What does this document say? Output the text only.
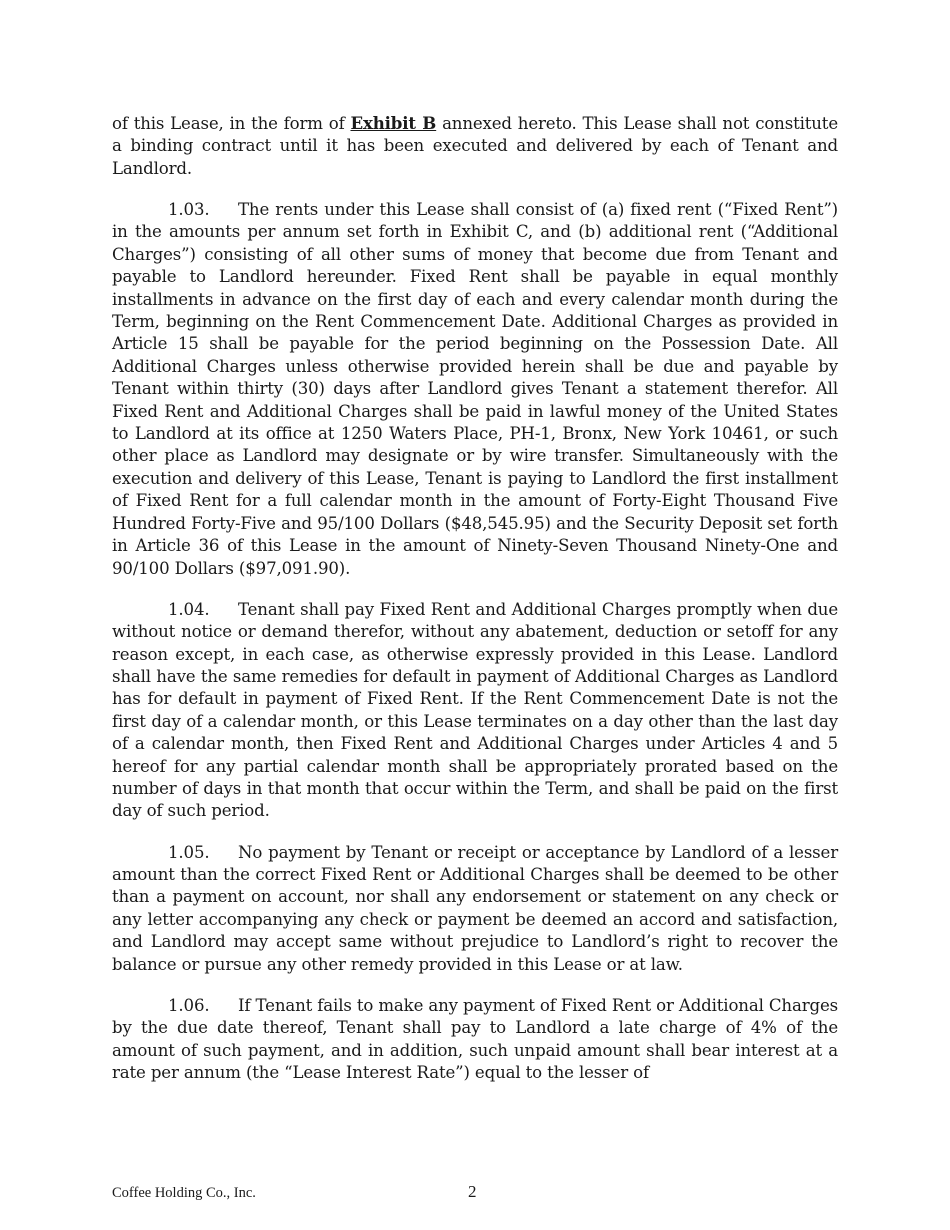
of this Lease, in the form of Exhibit B annexed hereto. This Lease shall not constitute a binding contract until it has been executed and delivered by each of Tenant and Landlord.

1.03. The rents under this Lease shall consist of (a) fixed rent (“Fixed Rent”) in the amounts per annum set forth in Exhibit C, and (b) additional rent (“Additional Charges”) consisting of all other sums of money that become due from Tenant and payable to Landlord hereunder. Fixed Rent shall be payable in equal monthly installments in advance on the first day of each and every calendar month during the Term, beginning on the Rent Commencement Date. Additional Charges as provided in Article 15 shall be payable for the period beginning on the Possession Date. All Additional Charges unless otherwise provided herein shall be due and payable by Tenant within thirty (30) days after Landlord gives Tenant a statement therefor. All Fixed Rent and Additional Charges shall be paid in lawful money of the United States to Landlord at its office at 1250 Waters Place, PH-1, Bronx, New York 10461, or such other place as Landlord may designate or by wire transfer. Simultaneously with the execution and delivery of this Lease, Tenant is paying to Landlord the first installment of Fixed Rent for a full calendar month in the amount of Forty-Eight Thousand Five Hundred Forty-Five and 95/100 Dollars ($48,545.95) and the Security Deposit set forth in Article 36 of this Lease in the amount of Ninety-Seven Thousand Ninety-One and 90/100 Dollars ($97,091.90).

1.04. Tenant shall pay Fixed Rent and Additional Charges promptly when due without notice or demand therefor, without any abatement, deduction or setoff for any reason except, in each case, as otherwise expressly provided in this Lease. Landlord shall have the same remedies for default in payment of Additional Charges as Landlord has for default in payment of Fixed Rent. If the Rent Commencement Date is not the first day of a calendar month, or this Lease terminates on a day other than the last day of a calendar month, then Fixed Rent and Additional Charges under Articles 4 and 5 hereof for any partial calendar month shall be appropriately prorated based on the number of days in that month that occur within the Term, and shall be paid on the first day of such period.

1.05. No payment by Tenant or receipt or acceptance by Landlord of a lesser amount than the correct Fixed Rent or Additional Charges shall be deemed to be other than a payment on account, nor shall any endorsement or statement on any check or any letter accompanying any check or payment be deemed an accord and satisfaction, and Landlord may accept same without prejudice to Landlord’s right to recover the balance or pursue any other remedy provided in this Lease or at law.

1.06. If Tenant fails to make any payment of Fixed Rent or Additional Charges by the due date thereof, Tenant shall pay to Landlord a late charge of 4% of the amount of such payment, and in addition, such unpaid amount shall bear interest at a rate per annum (the “Lease Interest Rate”) equal to the lesser of

Coffee Holding Co., Inc.	2
